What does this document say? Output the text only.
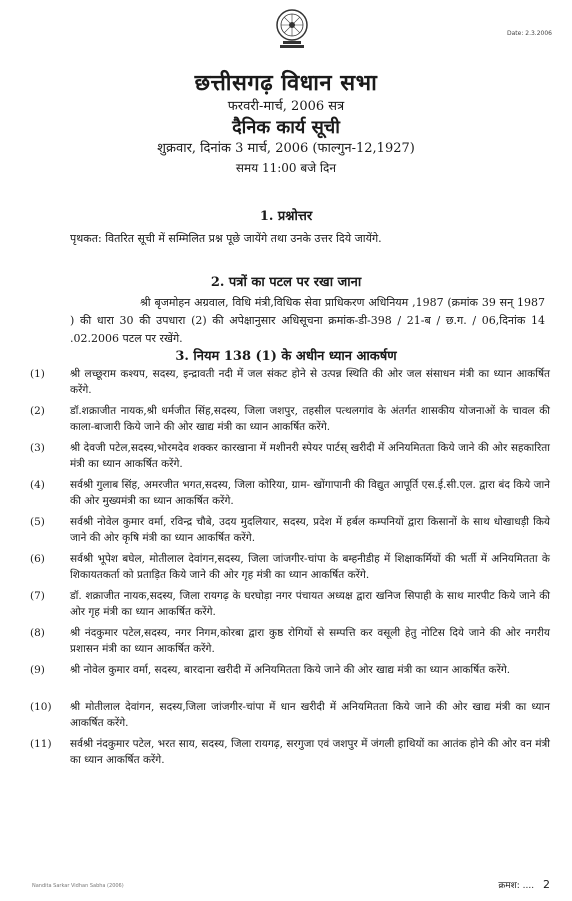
Date: 2.3.2006
छत्तीसगढ़ विधान सभा
फरवरी-मार्च, 2006 सत्र
दैनिक कार्य सूची
शुक्रवार, दिनांक 3 मार्च, 2006 (फाल्गुन-12,1927)
समय 11:00 बजे दिन
1. प्रश्नोत्तर
पृथकत: वितरित सूची में सम्मिलित प्रश्न पूछे जायेंगे तथा उनके उत्तर दिये जायेंगे.
2. पत्रों का पटल पर रखा जाना
श्री बृजमोहन अग्रवाल, विधि मंत्री,विधिक सेवा प्राधिकरण अधिनियम ,1987 (क्रमांक 39 सन् 1987 ) की धारा 30 की उपधारा (2) की अपेक्षानुसार अधिसूचना क्रमांक-डी-398 / 21-ब / छ.ग. / 06,दिनांक 14 .02.2006 पटल पर रखेंगे.
3. नियम 138 (1) के अधीन ध्यान आकर्षण
(1)	श्री लच्छूराम कश्यप, सदस्य, इन्द्रावती नदी में जल संकट होने से उत्पन्न स्थिति की ओर जल संसाधन मंत्री का ध्यान आकर्षित करेंगे.
(2)	डॉ.शक्राजीत नायक,श्री धर्मजीत सिंह,सदस्य, जिला जशपुर, तहसील पत्थलगांव के अंतर्गत शासकीय योजनाओं के चावल की काला-बाजारी किये जाने की ओर खाद्य मंत्री का ध्यान आकर्षित करेंगे.
(3)	श्री देवजी पटेल,सदस्य,भोरमदेव शक्कर कारखाना में मशीनरी स्पेयर पार्टस् खरीदी में अनियमितता किये जाने की ओर सहकारिता मंत्री का ध्यान आकर्षित करेंगे.
(4)	सर्वश्री गुलाब सिंह, अमरजीत भगत,सदस्य, जिला कोरिया, ग्राम- खोंगापानी की विद्युत आपूर्ति एस.ई.सी.एल. द्वारा बंद किये जाने की ओर मुख्यमंत्री का ध्यान आकर्षित करेंगे.
(5)	सर्वश्री नोवेल कुमार वर्मा, रविन्द्र चौबे, उदय मुदलियार, सदस्य, प्रदेश में हर्बल कम्पनियों द्वारा किसानों के साथ धोखाधड़ी किये जाने की ओर कृषि मंत्री का ध्यान आकर्षित करेंगे.
(6)	सर्वश्री भूपेश बघेल, मोतीलाल देवांगन,सदस्य, जिला जांजगीर-चांपा के बम्हनीडीह में शिक्षाकर्मियों की भर्ती में अनियमितता के शिकायतकर्ता को प्रताड़ित किये जाने की ओर गृह मंत्री का ध्यान आकर्षित करेंगे.
(7)	डॉ. शक्राजीत नायक,सदस्य, जिला रायगढ़ के घरघोड़ा नगर पंचायत अध्यक्ष द्वारा खनिज सिपाही के साथ मारपीट किये जाने की ओर गृह मंत्री का ध्यान आकर्षित करेंगे.
(8)	श्री नंदकुमार पटेल,सदस्य, नगर निगम,कोरबा द्वारा कुष्ठ रोगियों से सम्पत्ति कर वसूली हेतु नोटिस दिये जाने की ओर नगरीय प्रशासन मंत्री का ध्यान आकर्षित करेंगे.
(9)	श्री नोवेल कुमार वर्मा, सदस्य, बारदाना खरीदी में अनियमितता किये जाने की ओर खाद्य मंत्री का ध्यान आकर्षित करेंगे.
(10)	श्री मोतीलाल देवांगन, सदस्य,जिला जांजगीर-चांपा में धान खरीदी में अनियमितता किये जाने की ओर खाद्य मंत्री का ध्यान आकर्षित करेंगे.
(11)	सर्वश्री नंदकुमार पटेल, भरत साय, सदस्य, जिला रायगढ़, सरगुजा एवं जशपुर में जंगली हाथियों का आतंक होने की ओर वन मंत्री का ध्यान आकर्षित करेंगे.
Nandita Sarkar Vidhan Sabha (2006)	क्रमश: .... 2
